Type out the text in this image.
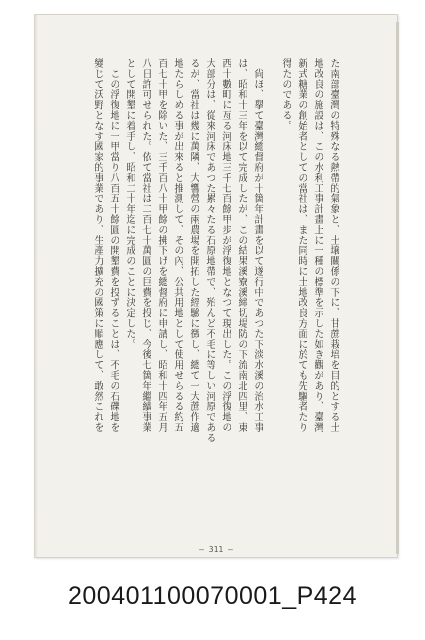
た南部臺灣の特殊なる熱帶的氣象と、土壌關係の下に、甘蔗栽培を目的とする土
地改良の施設は、この水利工事計畫上に一種の標準を示した如き觀があり、臺灣
新式糖業の創始者としての當社は、また同時に土地改良方面に於ても先驅者たり
得たのである。
　尙ほ、擧て臺灣總督府が十箇年計畫を以て遂行中であつた下淡水溪の治水工事
は、昭和十三年を以て完成したが、この結果溪寮溪締切堤防の下流南北四里、東
西十數町に亙る河床地三千七百餘甲歩が浮復地となつて現出した。この浮復地の
大部分は、從來河床であつた累々たる石原地帶で、殆んど不毛に等しい河原である
るが、當社は幾に萬隣、大響營の兩農場を開拓した經驗に徴し、總て一大蔗作適
地たらしめる事が出來ると推測して、その內、公共用地として使用せらるる約五
百七十甲を除いた、三千百八十甲餘の拂下げを總督府に申請し、昭和十四年五月
八日許可せられた。依て當社は二百七十萬圓の巨費を投じ、今後七箇年繼續事業
として開墾に着手し、昭和二十年迄に完成のことに決定した。
　この浮復地に一甲當り八百五十餘圓の開墾費を投ずることは、不毛の石礫地を
變じて沃野となす國家的事業であり、生產力擴充の國策に順應して、敢然これを
— 311 —
200401100070001_P424
